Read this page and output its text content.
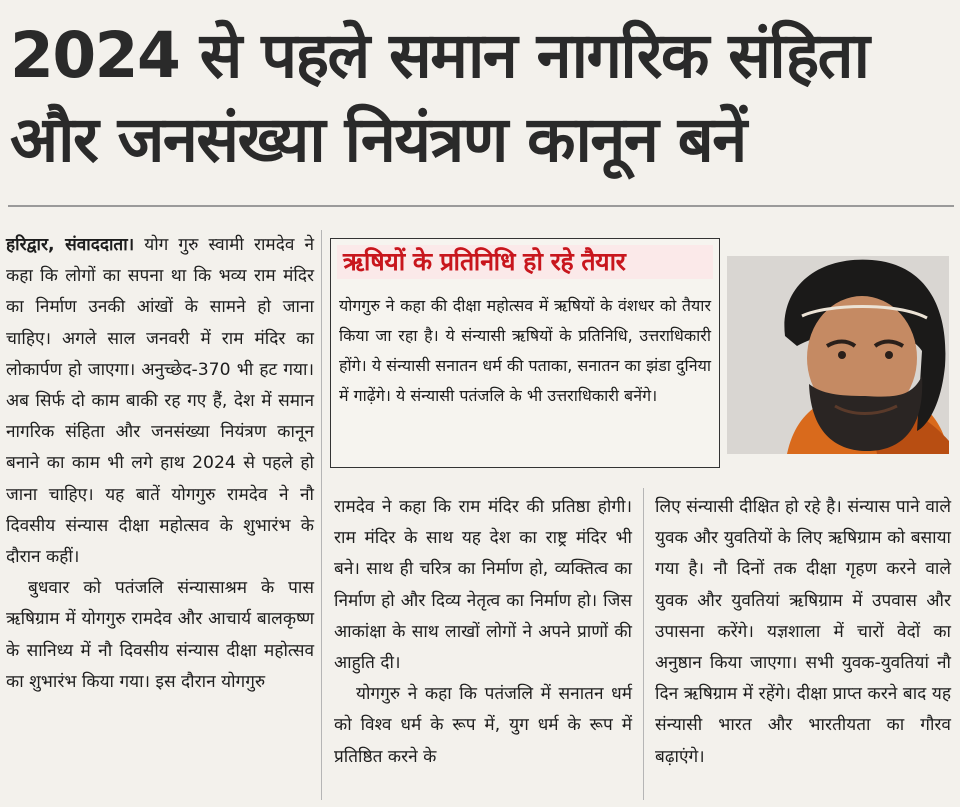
2024 से पहले समान नागरिक संहिता
और जनसंख्या नियंत्रण कानून बनें

हरिद्वार, संवाददाता। योग गुरु स्वामी रामदेव ने कहा कि लोगों का सपना था कि भव्य राम मंदिर का निर्माण उनकी आंखों के सामने हो जाना चाहिए। अगले साल जनवरी में राम मंदिर का लोकार्पण हो जाएगा। अनुच्छेद-370 भी हट गया। अब सिर्फ दो काम बाकी रह गए हैं, देश में समान नागरिक संहिता और जनसंख्या नियंत्रण कानून बनाने का काम भी लगे हाथ 2024 से पहले हो जाना चाहिए। यह बातें योगगुरु रामदेव ने नौ दिवसीय संन्यास दीक्षा महोत्सव के शुभारंभ के दौरान कहीं।

बुधवार को पतंजलि संन्यासाश्रम के पास ऋषिग्राम में योगगुरु रामदेव और आचार्य बालकृष्ण के सानिध्य में नौ दिवसीय संन्यास दीक्षा महोत्सव का शुभारंभ किया गया। इस दौरान योगगुरु

ऋषियों के प्रतिनिधि हो रहे तैयार
योगगुरु ने कहा की दीक्षा महोत्सव में ऋषियों के वंशधर को तैयार किया जा रहा है। ये संन्यासी ऋषियों के प्रतिनिधि, उत्तराधिकारी होंगे। ये संन्यासी सनातन धर्म की पताका, सनातन का झंडा दुनिया में गाढ़ेंगे। ये संन्यासी पतंजलि के भी उत्तराधिकारी बनेंगे।

रामदेव ने कहा कि राम मंदिर की प्रतिष्ठा होगी। राम मंदिर के साथ यह देश का राष्ट्र मंदिर भी बने। साथ ही चरित्र का निर्माण हो, व्यक्तित्व का निर्माण हो और दिव्य नेतृत्व का निर्माण हो। जिस आकांक्षा के साथ लाखों लोगों ने अपने प्राणों की आहुति दी।

योगगुरु ने कहा कि पतंजलि में सनातन धर्म को विश्व धर्म के रूप में, युग धर्म के रूप में प्रतिष्ठित करने के

लिए संन्यासी दीक्षित हो रहे है। संन्यास पाने वाले युवक और युवतियों के लिए ऋषिग्राम को बसाया गया है। नौ दिनों तक दीक्षा गृहण करने वाले युवक और युवतियां ऋषिग्राम में उपवास और उपासना करेंगे। यज्ञशाला में चारों वेदों का अनुष्ठान किया जाएगा। सभी युवक-युवतियां नौ दिन ऋषिग्राम में रहेंगे। दीक्षा प्राप्त करने बाद यह संन्यासी भारत और भारतीयता का गौरव बढ़ाएंगे।
